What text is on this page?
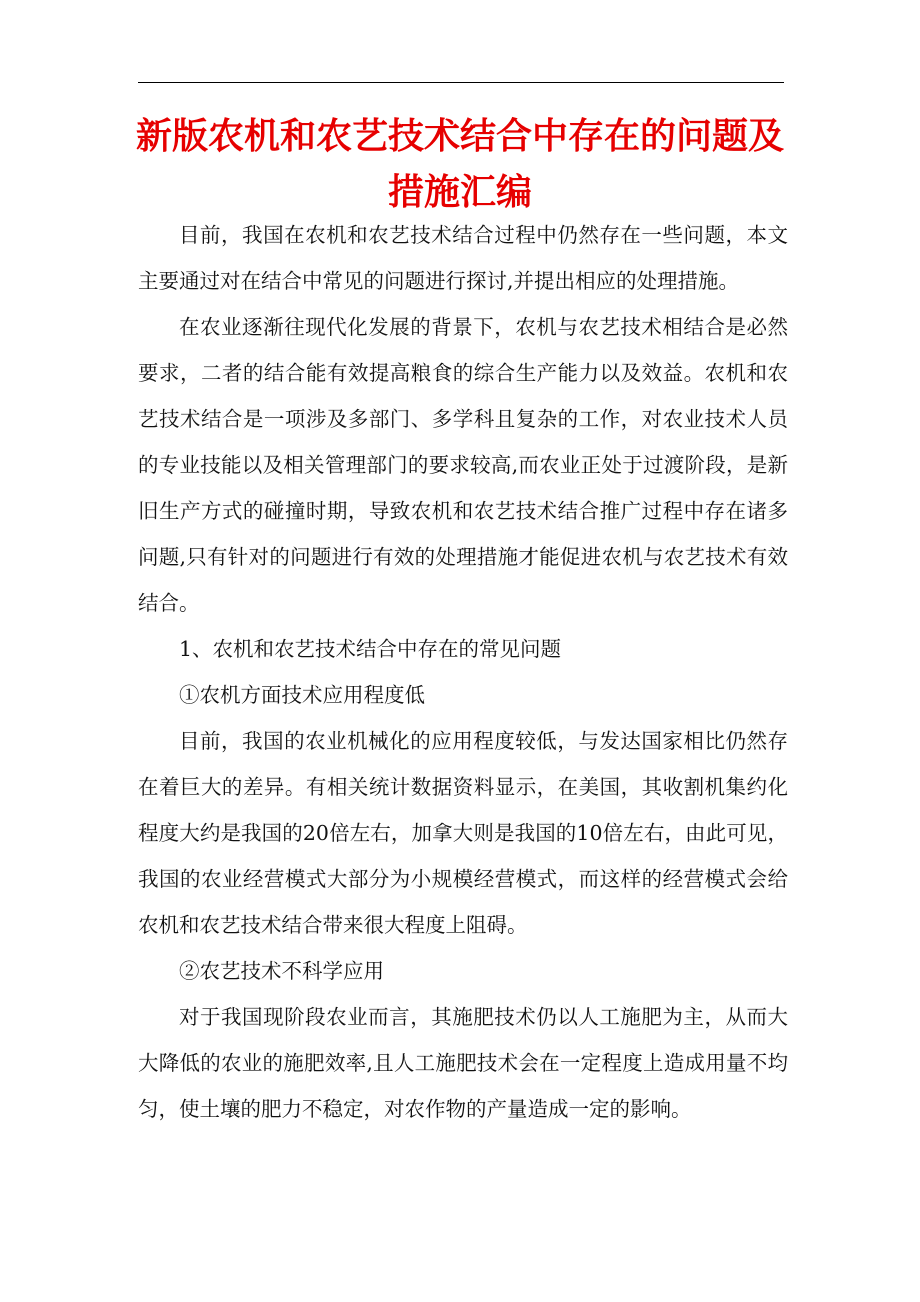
新版农机和农艺技术结合中存在的问题及
措施汇编

目前，我国在农机和农艺技术结合过程中仍然存在一些问题，本文主要通过对在结合中常见的问题进行探讨,并提出相应的处理措施。

在农业逐渐往现代化发展的背景下，农机与农艺技术相结合是必然要求，二者的结合能有效提高粮食的综合生产能力以及效益。农机和农艺技术结合是一项涉及多部门、多学科且复杂的工作，对农业技术人员的专业技能以及相关管理部门的要求较高,而农业正处于过渡阶段，是新旧生产方式的碰撞时期，导致农机和农艺技术结合推广过程中存在诸多问题,只有针对的问题进行有效的处理措施才能促进农机与农艺技术有效结合。

1、农机和农艺技术结合中存在的常见问题

①农机方面技术应用程度低

目前，我国的农业机械化的应用程度较低，与发达国家相比仍然存在着巨大的差异。有相关统计数据资料显示，在美国，其收割机集约化程度大约是我国的20倍左右，加拿大则是我国的10倍左右，由此可见，我国的农业经营模式大部分为小规模经营模式，而这样的经营模式会给农机和农艺技术结合带来很大程度上阻碍。

②农艺技术不科学应用

对于我国现阶段农业而言，其施肥技术仍以人工施肥为主，从而大大降低的农业的施肥效率,且人工施肥技术会在一定程度上造成用量不均匀，使土壤的肥力不稳定，对农作物的产量造成一定的影响。
